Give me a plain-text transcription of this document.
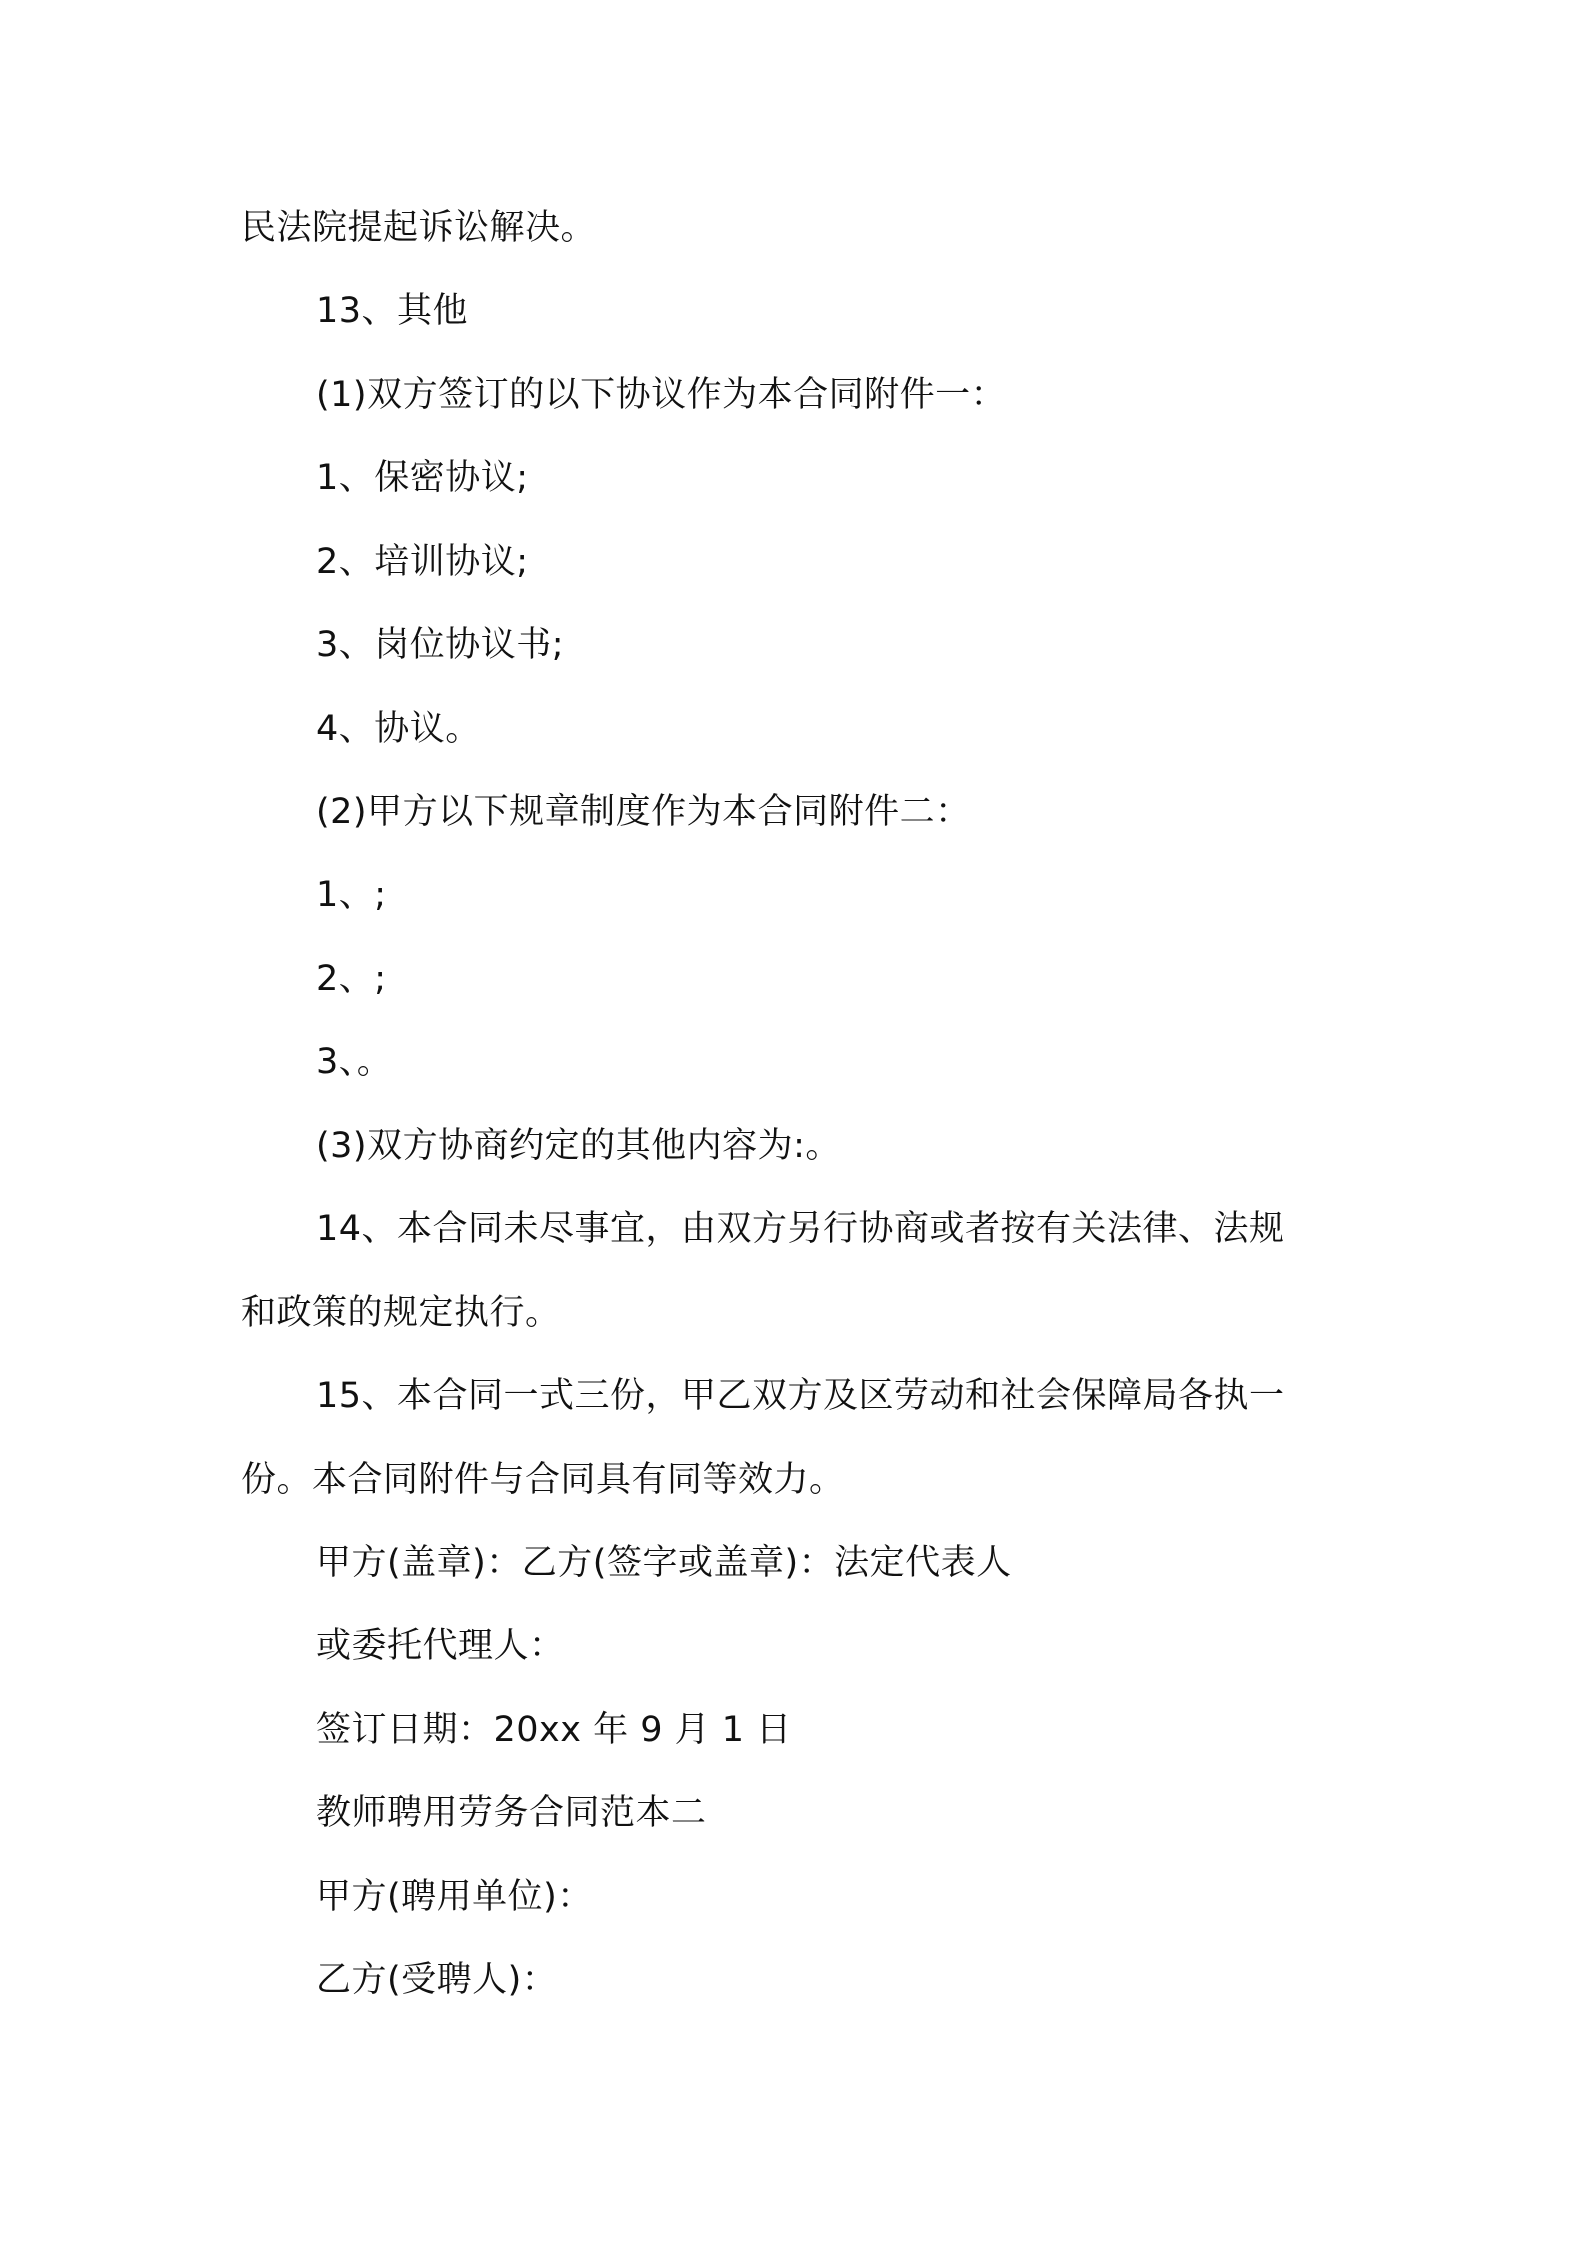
民法院提起诉讼解决。
13、其他
(1)双方签订的以下协议作为本合同附件一：
1、保密协议;
2、培训协议;
3、岗位协议书;
4、协议。
(2)甲方以下规章制度作为本合同附件二：
1、;
2、;
3、。
(3)双方协商约定的其他内容为:。
14、本合同未尽事宜，由双方另行协商或者按有关法律、法规
和政策的规定执行。
15、本合同一式三份，甲乙双方及区劳动和社会保障局各执一
份。本合同附件与合同具有同等效力。
甲方(盖章)：乙方(签字或盖章)：法定代表人
或委托代理人：
签订日期：20xx 年 9 月 1 日
教师聘用劳务合同范本二
甲方(聘用单位)：
乙方(受聘人)：
